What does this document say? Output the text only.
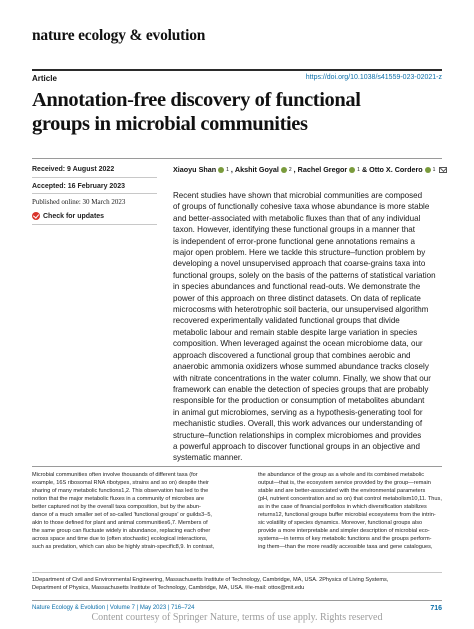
nature ecology & evolution
Article	https://doi.org/10.1038/s41559-023-02021-z
Annotation-free discovery of functional
groups in microbial communities
Received: 9 August 2022
Accepted: 16 February 2023
Published online: 30 March 2023
Check for updates
Xiaoyu Shan 1 , Akshit Goyal 2 , Rachel Gregor 1 & Otto X. Cordero 1
Recent studies have shown that microbial communities are composed
of groups of functionally cohesive taxa whose abundance is more stable
and better-associated with metabolic fluxes than that of any individual
taxon. However, identifying these functional groups in a manner that
is independent of error-prone functional gene annotations remains a
major open problem. Here we tackle this structure–function problem by
developing a novel unsupervised approach that coarse-grains taxa into
functional groups, solely on the basis of the patterns of statistical variation
in species abundances and functional read-outs. We demonstrate the
power of this approach on three distinct datasets. On data of replicate
microcosms with heterotrophic soil bacteria, our unsupervised algorithm
recovered experimentally validated functional groups that divide
metabolic labour and remain stable despite large variation in species
composition. When leveraged against the ocean microbiome data, our
approach discovered a functional group that combines aerobic and
anaerobic ammonia oxidizers whose summed abundance tracks closely
with nitrate concentrations in the water column. Finally, we show that our
framework can enable the detection of species groups that are probably
responsible for the production or consumption of metabolites abundant
in animal gut microbiomes, serving as a hypothesis-generating tool for
mechanistic studies. Overall, this work advances our understanding of
structure–function relationships in complex microbiomes and provides
a powerful approach to discover functional groups in an objective and
systematic manner.
Microbial communities often involve thousands of different taxa (for
example, 16S ribosomal RNA ribotypes, strains and so on) despite their
sharing of many metabolic functions1,2. This observation has led to the
notion that the major metabolic fluxes in a community of microbes are
better captured not by the overall taxa composition, but by the abun-
dance of a much smaller set of so-called 'functional groups' or guilds3–5,
akin to those defined for plant and animal communities6,7. Members of
the same group can fluctuate widely in abundance, replacing each other
across space and time due to (often stochastic) ecological interactions,
such as predation, which can also be highly strain-specific8,9. In contrast,
the abundance of the group as a whole and its combined metabolic
output—that is, the ecosystem service provided by the group—remain
stable and are better-associated with the environmental parameters
(pH, nutrient concentration and so on) that control metabolism10,11. Thus,
as in the case of financial portfolios in which diversification stabilizes
returns12, functional groups buffer microbial ecosystems from the intrin-
sic volatility of species dynamics. Moreover, functional groups also
provide a more interpretable and simpler description of microbial eco-
systems—in terms of key metabolic functions and the groups perform-
ing them—than the more readily accessible taxa and gene catalogues,
1Department of Civil and Environmental Engineering, Massachusetts Institute of Technology, Cambridge, MA, USA. 2Physics of Living Systems,
Department of Physics, Massachusetts Institute of Technology, Cambridge, MA, USA. ✉e-mail: ottox@mit.edu
Nature Ecology & Evolution | Volume 7 | May 2023 | 716–724	716
Content courtesy of Springer Nature, terms of use apply. Rights reserved
